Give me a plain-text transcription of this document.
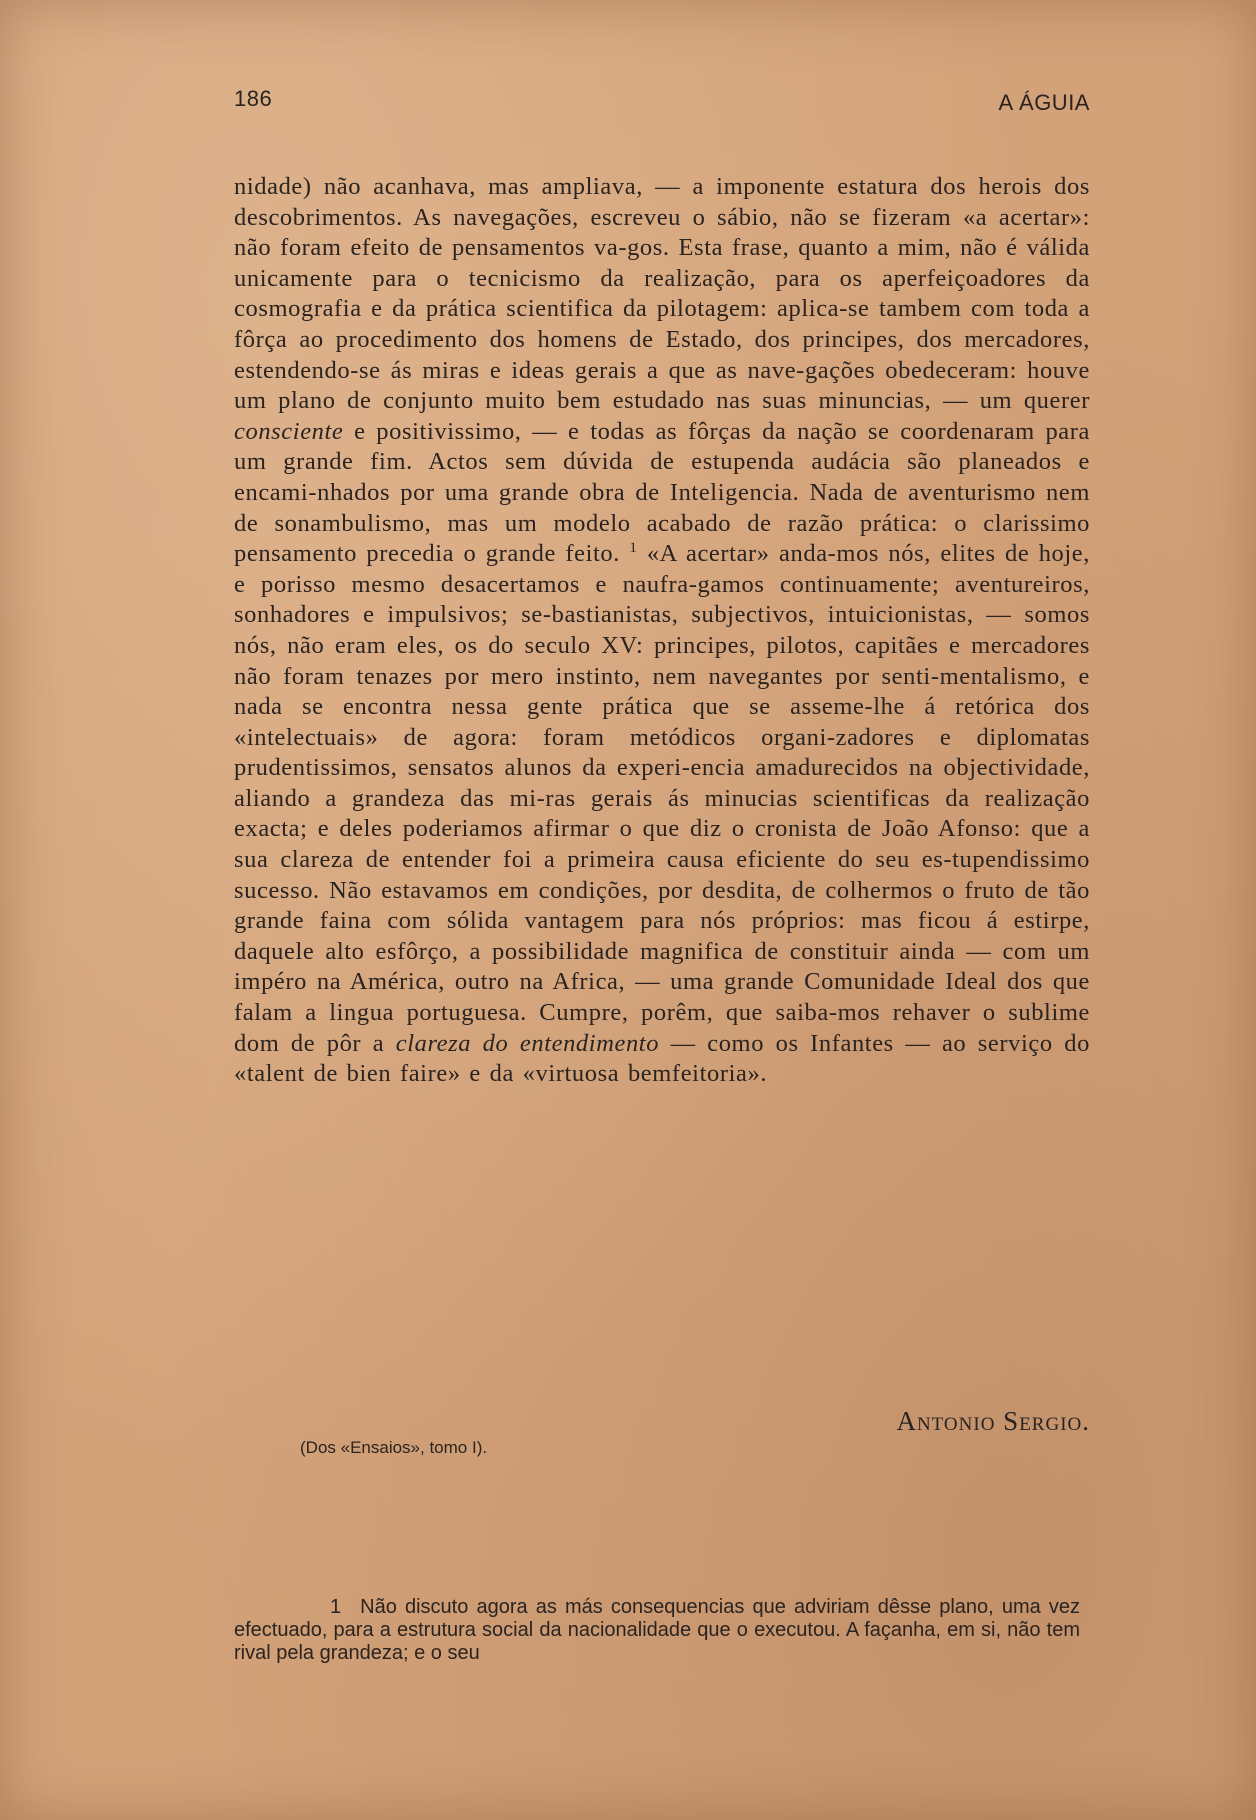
186	A ÁGUIA

nidade) não acanhava, mas ampliava, — a imponente estatura dos herois dos descobrimentos. As navegações, escreveu o sábio, não se fizeram «a acertar»: não foram efeito de pensamentos va-gos. Esta frase, quanto a mim, não é válida unicamente para o tecnicismo da realização, para os aperfeiçoadores da cosmografia e da prática scientifica da pilotagem: aplica-se tambem com toda a fôrça ao procedimento dos homens de Estado, dos principes, dos mercadores, estendendo-se ás miras e ideas gerais a que as nave-gações obedeceram: houve um plano de conjunto muito bem estudado nas suas minuncias, — um querer consciente e positivissimo, — e todas as fôrças da nação se coordenaram para um grande fim. Actos sem dúvida de estupenda audácia são planeados e encami-nhados por uma grande obra de Inteligencia. Nada de aventurismo nem de sonambulismo, mas um modelo acabado de razão prática: o clarissimo pensamento precedia o grande feito. $^1$ «A acertar» anda-mos nós, elites de hoje, e porisso mesmo desacertamos e naufra-gamos continuamente; aventureiros, sonhadores e impulsivos; se-bastianistas, subjectivos, intuicionistas, — somos nós, não eram eles, os do seculo XV: principes, pilotos, capitães e mercadores não foram tenazes por mero instinto, nem navegantes por senti-mentalismo, e nada se encontra nessa gente prática que se asseme-lhe á retórica dos «intelectuais» de agora: foram metódicos organi-zadores e diplomatas prudentissimos, sensatos alunos da experi-encia amadurecidos na objectividade, aliando a grandeza das mi-ras gerais ás minucias scientificas da realização exacta; e deles poderiamos afirmar o que diz o cronista de João Afonso: que a sua clareza de entender foi a primeira causa eficiente do seu es-tupendissimo sucesso. Não estavamos em condições, por desdita, de colhermos o fruto de tão grande faina com sólida vantagem para nós próprios: mas ficou á estirpe, daquele alto esfôrço, a possibilidade magnifica de constituir ainda — com um impéro na América, outro na Africa, — uma grande Comunidade Ideal dos que falam a lingua portuguesa. Cumpre, porêm, que saiba-mos rehaver o sublime dom de pôr a clareza do entendimento — como os Infantes — ao serviço do «talent de bien faire» e da «virtuosa bemfeitoria».

Antonio Sergio.
(Dos «Ensaios», tomo I).

1 Não discuto agora as más consequencias que adviriam dêsse plano, uma vez efectuado, para a estrutura social da nacionalidade que o executou. A façanha, em si, não tem rival pela grandeza; e o seu
